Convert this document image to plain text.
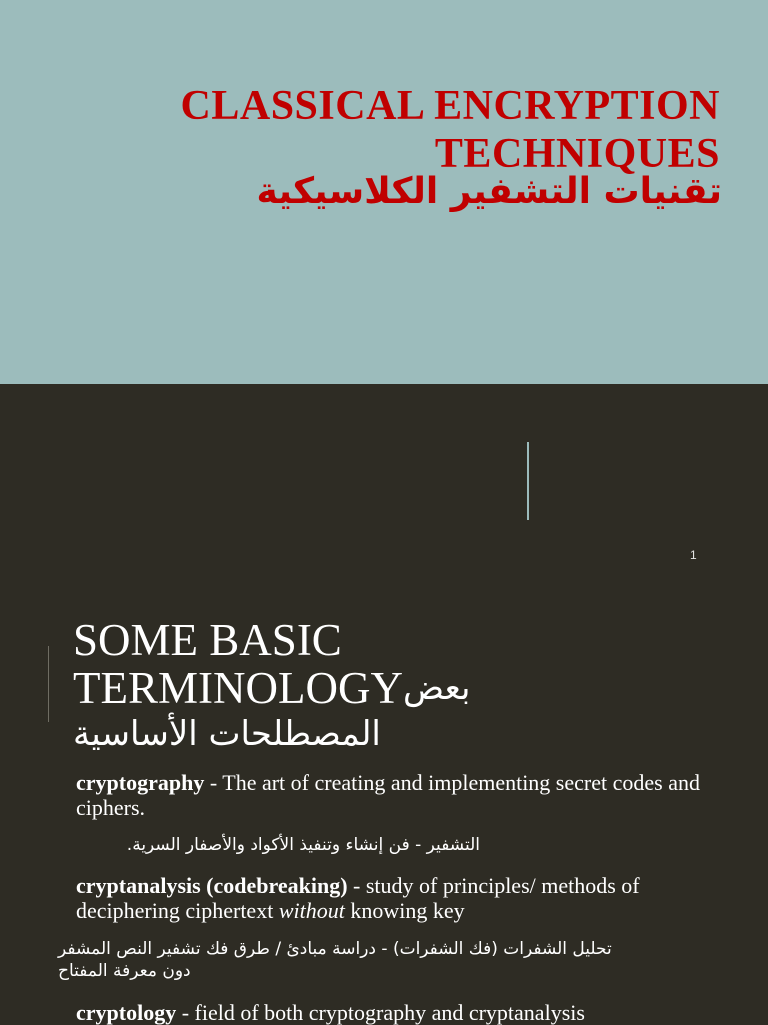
CLASSICAL ENCRYPTION
TECHNIQUES
تقنيات التشفير الكلاسيكية
1
SOME BASIC
TERMINOLOGYبعض
المصطلحات الأساسية
cryptography - The art of creating and implementing secret codes and ciphers.
التشفير - فن إنشاء وتنفيذ الأكواد والأصفار السرية.
cryptanalysis (codebreaking) - study of principles/ methods of deciphering ciphertext without knowing key
تحليل الشفرات (فك الشفرات) - دراسة مبادئ / طرق فك تشفير النص المشفر دون معرفة المفتاح
cryptology - field of both cryptography and cryptanalysis
